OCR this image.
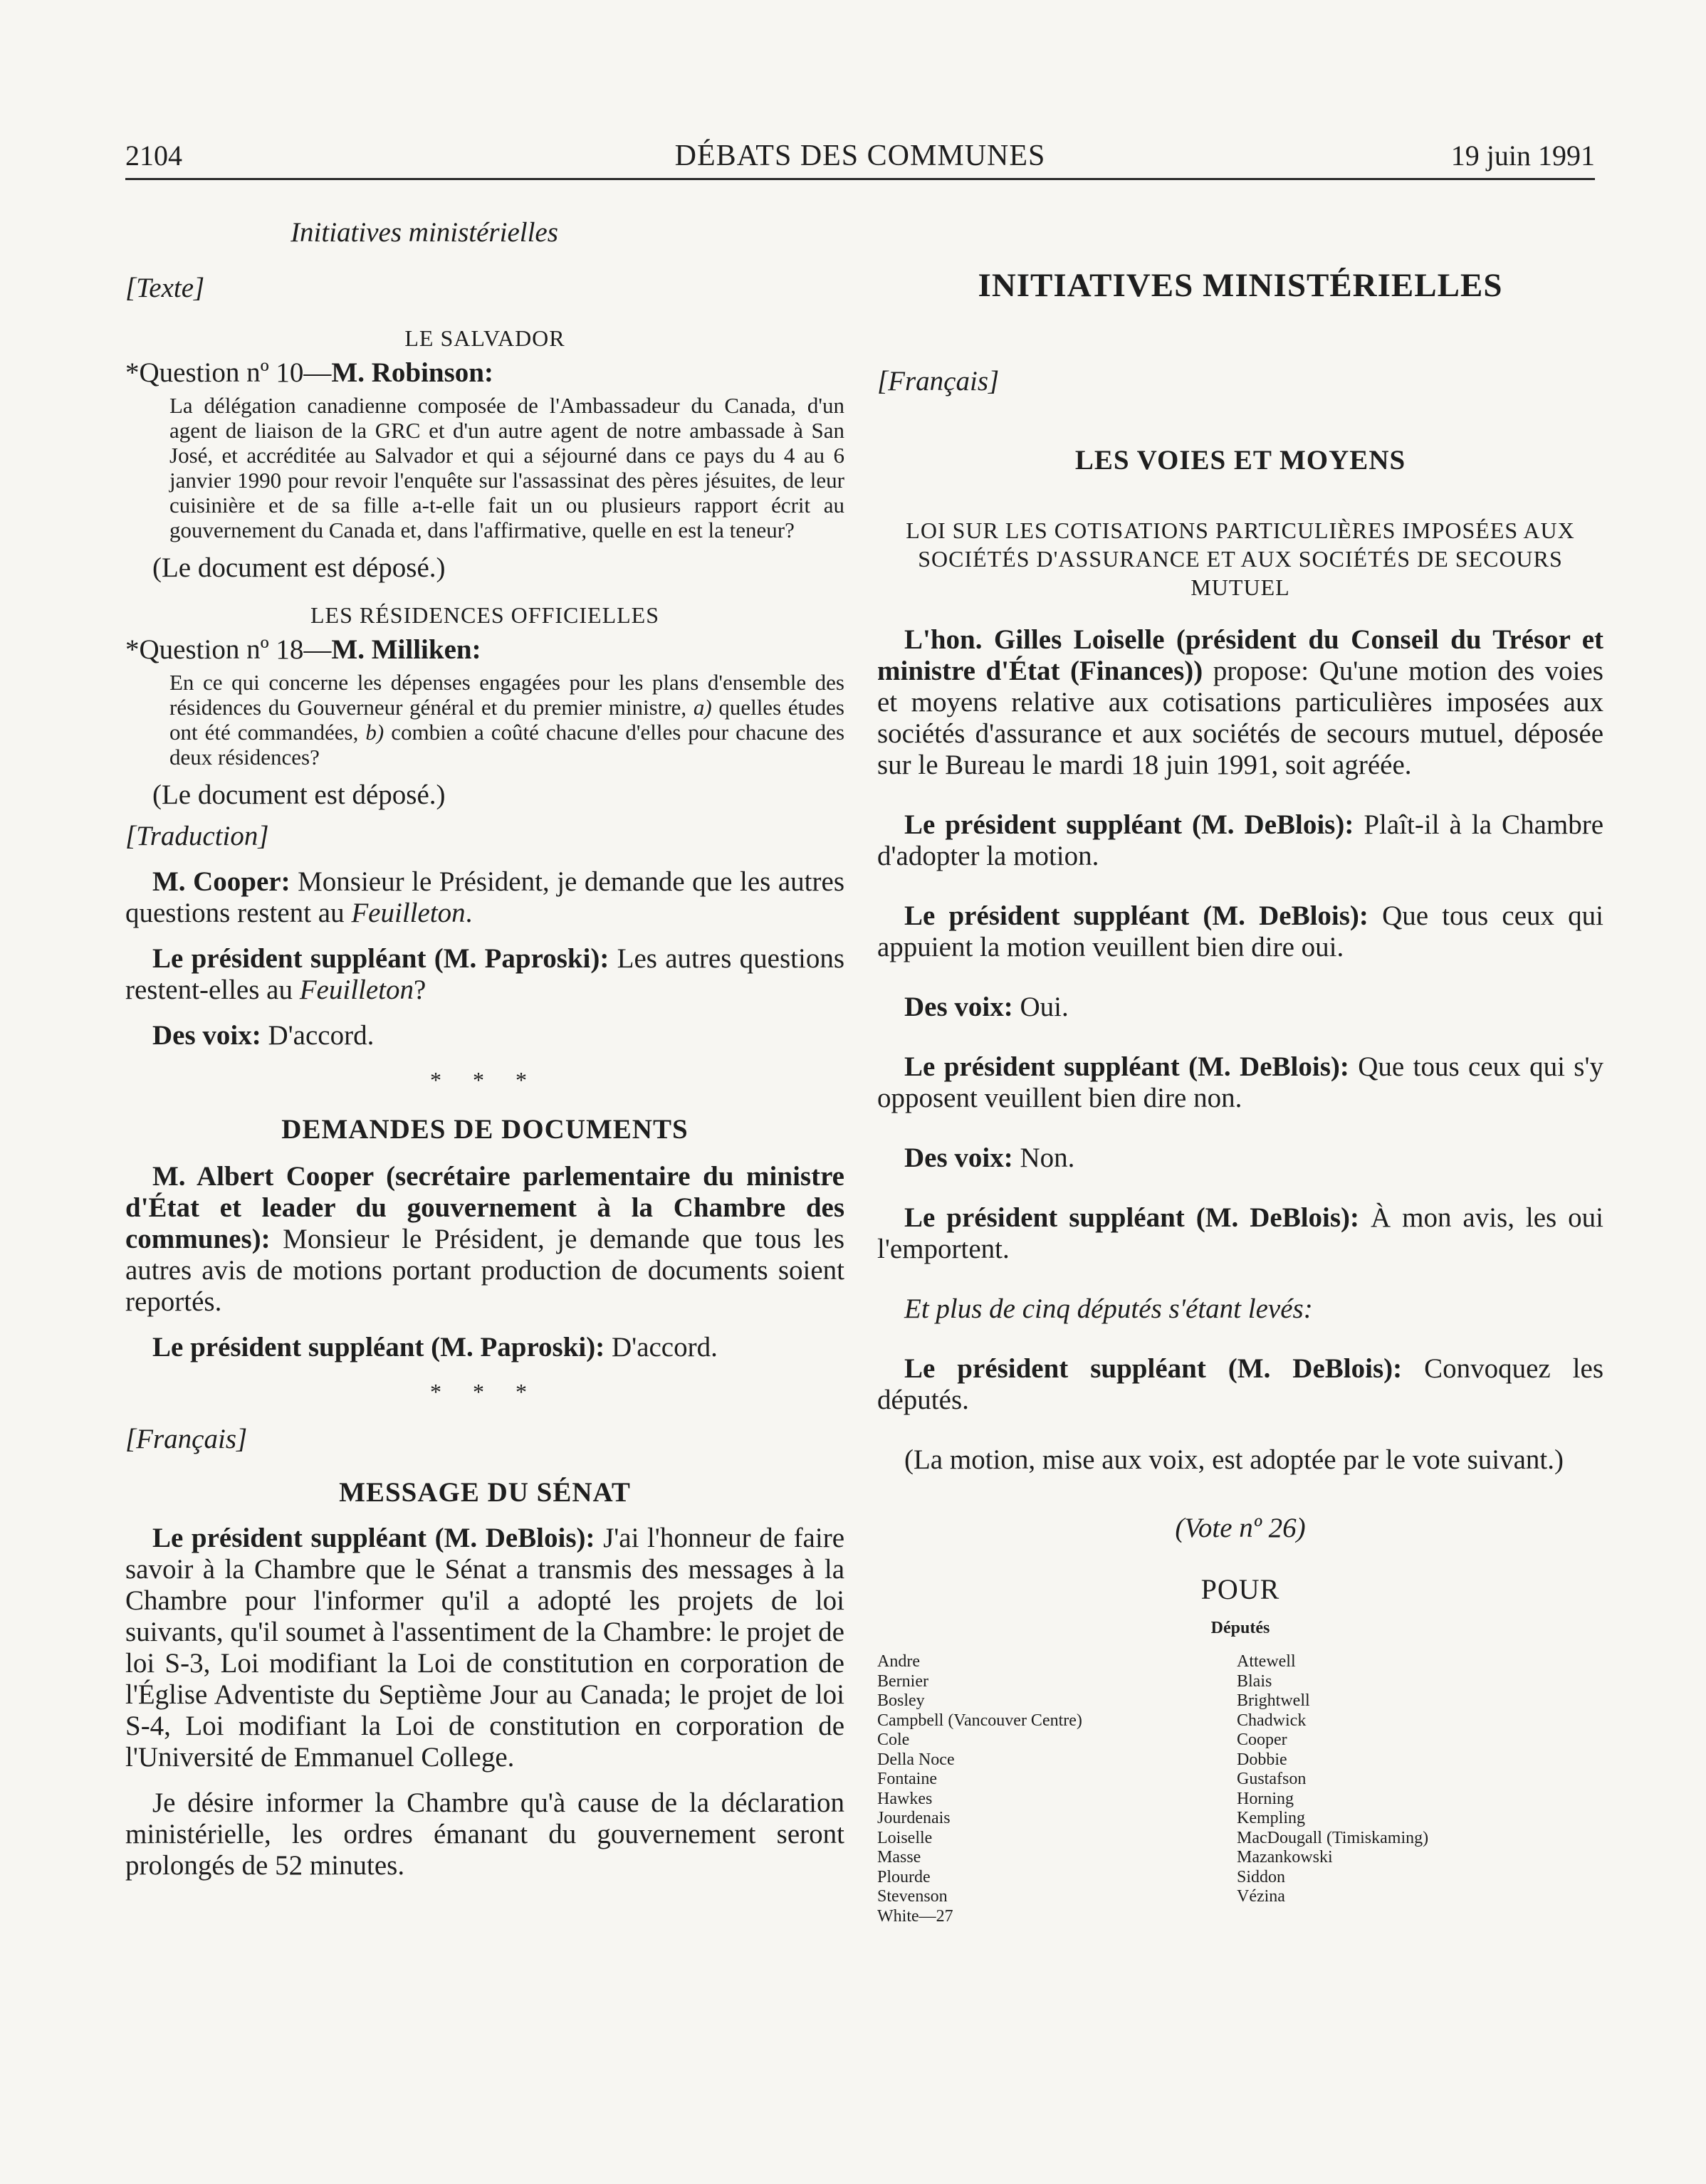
2104	DÉBATS DES COMMUNES	19 juin 1991

Initiatives ministérielles

[Texte]

LE SALVADOR

*Question nº 10—M. Robinson:

La délégation canadienne composée de l'Ambassadeur du Canada, d'un agent de liaison de la GRC et d'un autre agent de notre ambassade à San José, et accréditée au Salvador et qui a séjourné dans ce pays du 4 au 6 janvier 1990 pour revoir l'enquête sur l'assassinat des pères jésuites, de leur cuisinière et de sa fille a-t-elle fait un ou plusieurs rapport écrit au gouvernement du Canada et, dans l'affirmative, quelle en est la teneur?

(Le document est déposé.)

LES RÉSIDENCES OFFICIELLES

*Question nº 18—M. Milliken:

En ce qui concerne les dépenses engagées pour les plans d'ensemble des résidences du Gouverneur général et du premier ministre, a) quelles études ont été commandées, b) combien a coûté chacune d'elles pour chacune des deux résidences?

(Le document est déposé.)

[Traduction]

M. Cooper: Monsieur le Président, je demande que les autres questions restent au Feuilleton.

Le président suppléant (M. Paproski): Les autres questions restent-elles au Feuilleton?

Des voix: D'accord.

* * *

DEMANDES DE DOCUMENTS

M. Albert Cooper (secrétaire parlementaire du ministre d'État et leader du gouvernement à la Chambre des communes): Monsieur le Président, je demande que tous les autres avis de motions portant production de documents soient reportés.

Le président suppléant (M. Paproski): D'accord.

* * *

[Français]

MESSAGE DU SÉNAT

Le président suppléant (M. DeBlois): J'ai l'honneur de faire savoir à la Chambre que le Sénat a transmis des messages à la Chambre pour l'informer qu'il a adopté les projets de loi suivants, qu'il soumet à l'assentiment de la Chambre: le projet de loi S-3, Loi modifiant la Loi de constitution en corporation de l'Église Adventiste du Septième Jour au Canada; le projet de loi S-4, Loi modifiant la Loi de constitution en corporation de l'Université de Emmanuel College.

Je désire informer la Chambre qu'à cause de la déclaration ministérielle, les ordres émanant du gouvernement seront prolongés de 52 minutes.

INITIATIVES MINISTÉRIELLES

[Français]

LES VOIES ET MOYENS

LOI SUR LES COTISATIONS PARTICULIÈRES IMPOSÉES AUX SOCIÉTÉS D'ASSURANCE ET AUX SOCIÉTÉS DE SECOURS MUTUEL

L'hon. Gilles Loiselle (président du Conseil du Trésor et ministre d'État (Finances)) propose: Qu'une motion des voies et moyens relative aux cotisations particulières imposées aux sociétés d'assurance et aux sociétés de secours mutuel, déposée sur le Bureau le mardi 18 juin 1991, soit agréée.

Le président suppléant (M. DeBlois): Plaît-il à la Chambre d'adopter la motion.

Le président suppléant (M. DeBlois): Que tous ceux qui appuient la motion veuillent bien dire oui.

Des voix: Oui.

Le président suppléant (M. DeBlois): Que tous ceux qui s'y opposent veuillent bien dire non.

Des voix: Non.

Le président suppléant (M. DeBlois): À mon avis, les oui l'emportent.

Et plus de cinq députés s'étant levés:

Le président suppléant (M. DeBlois): Convoquez les députés.

(La motion, mise aux voix, est adoptée par le vote suivant.)

(Vote nº 26)

POUR

Députés

Andre
Bernier
Bosley
Campbell (Vancouver Centre)
Cole
Della Noce
Fontaine
Hawkes
Jourdenais
Loiselle
Masse
Plourde
Stevenson
White—27
Attewell
Blais
Brightwell
Chadwick
Cooper
Dobbie
Gustafson
Horning
Kempling
MacDougall (Timiskaming)
Mazankowski
Siddon
Vézina
